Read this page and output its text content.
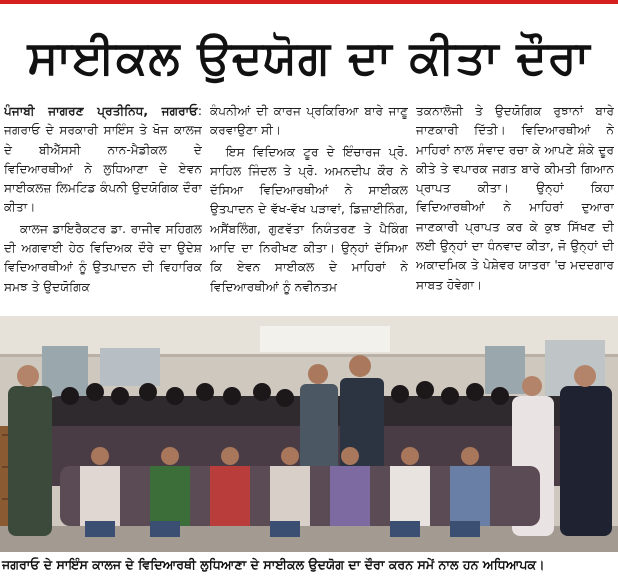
ਸਾਈਕਲ ਉਦਯੋਗ ਦਾ ਕੀਤਾ ਦੌਰਾ

ਪੰਜਾਬੀ ਜਾਗਰਣ ਪ੍ਰਤੀਨਿਧ, ਜਗਰਾਓ: ਜਗਰਾਓ ਦੇ ਸਰਕਾਰੀ ਸਾਇੰਸ ਤੇ ਖੋਜ ਕਾਲਜ ਦੇ ਬੀਐੱਸਸੀ ਨਾਨ-ਮੈਡੀਕਲ ਦੇ ਵਿਦਿਆਰਥੀਆਂ ਨੇ ਲੁਧਿਆਣਾ ਦੇ ਏਵਨ ਸਾਈਕਲਜ਼ ਲਿਮਟਿਡ ਕੰਪਨੀ ਉਦਯੋਗਿਕ ਦੌਰਾ ਕੀਤਾ।

ਕਾਲਜ ਡਾਇਰੈਕਟਰ ਡਾ. ਰਾਜੀਵ ਸਹਿਗਲ ਦੀ ਅਗਵਾਈ ਹੇਠ ਵਿਦਿਅਕ ਦੌਰੇ ਦਾ ਉਦੇਸ਼ ਵਿਦਿਆਰਥੀਆਂ ਨੂੰ ਉਤਪਾਦਨ ਦੀ ਵਿਹਾਰਿਕ ਸਮਝ ਤੇ ਉਦਯੋਗਿਕ

ਕੰਪਨੀਆਂ ਦੀ ਕਾਰਜ ਪ੍ਰਕਿਰਿਆ ਬਾਰੇ ਜਾਣੂ ਕਰਵਾਉਣਾ ਸੀ।

ਇਸ ਵਿਦਿਅਕ ਟੂਰ ਦੇ ਇੰਚਾਰਜ ਪ੍ਰੋ. ਸਾਹਿਲ ਜਿੰਦਲ ਤੇ ਪ੍ਰੋ. ਅਮਨਦੀਪ ਕੌਰ ਨੇ ਦੱਸਿਆ ਵਿਦਿਆਰਥੀਆਂ ਨੇ ਸਾਈਕਲ ਉਤਪਾਦਨ ਦੇ ਵੱਖ-ਵੱਖ ਪੜਾਵਾਂ, ਡਿਜ਼ਾਈਨਿੰਗ, ਅਸੈਂਬਲਿੰਗ, ਗੁਣਵੱਤਾ ਨਿਯੰਤਰਣ ਤੇ ਪੈਕਿੰਗ ਆਦਿ ਦਾ ਨਿਰੀਖਣ ਕੀਤਾ। ਉਨ੍ਹਾਂ ਦੱਸਿਆ ਕਿ ਏਵਨ ਸਾਈਕਲ ਦੇ ਮਾਹਿਰਾਂ ਨੇ ਵਿਦਿਆਰਥੀਆਂ ਨੂੰ ਨਵੀਨਤਮ

ਤਕਨਾਲੋਜੀ ਤੇ ਉਦਯੋਗਿਕ ਰੁਝਾਨਾਂ ਬਾਰੇ ਜਾਣਕਾਰੀ ਦਿੱਤੀ। ਵਿਦਿਆਰਥੀਆਂ ਨੇ ਮਾਹਿਰਾਂ ਨਾਲ ਸੰਵਾਦ ਰਚਾ ਕੇ ਆਪਣੇ ਸ਼ੰਕੇ ਦੂਰ ਕੀਤੇ ਤੇ ਵਪਾਰਕ ਜਗਤ ਬਾਰੇ ਕੀਮਤੀ ਗਿਆਨ ਪ੍ਰਾਪਤ ਕੀਤਾ। ਉਨ੍ਹਾਂ ਕਿਹਾ ਵਿਦਿਆਰਥੀਆਂ ਨੇ ਮਾਹਿਰਾਂ ਦੁਆਰਾ ਜਾਣਕਾਰੀ ਪ੍ਰਾਪਤ ਕਰ ਕੇ ਕੁਝ ਸਿੱਖਣ ਦੀ ਲਈ ਉਨ੍ਹਾਂ ਦਾ ਧੰਨਵਾਦ ਕੀਤਾ, ਜੋ ਉਨ੍ਹਾਂ ਦੀ ਅਕਾਦਮਿਕ ਤੇ ਪੇਸ਼ੇਵਰ ਯਾਤਰਾ 'ਚ ਮਦਦਗਾਰ ਸਾਬਤ ਹੋਵੇਗਾ।

ਜਗਰਾਓ ਦੇ ਸਾਇੰਸ ਕਾਲਜ ਦੇ ਵਿਦਿਆਰਥੀ ਲੁਧਿਆਣਾ ਦੇ ਸਾਈਕਲ ਉਦਯੋਗ ਦਾ ਦੌਰਾ ਕਰਨ ਸਮੇਂ ਨਾਲ ਹਨ ਅਧਿਆਪਕ।
